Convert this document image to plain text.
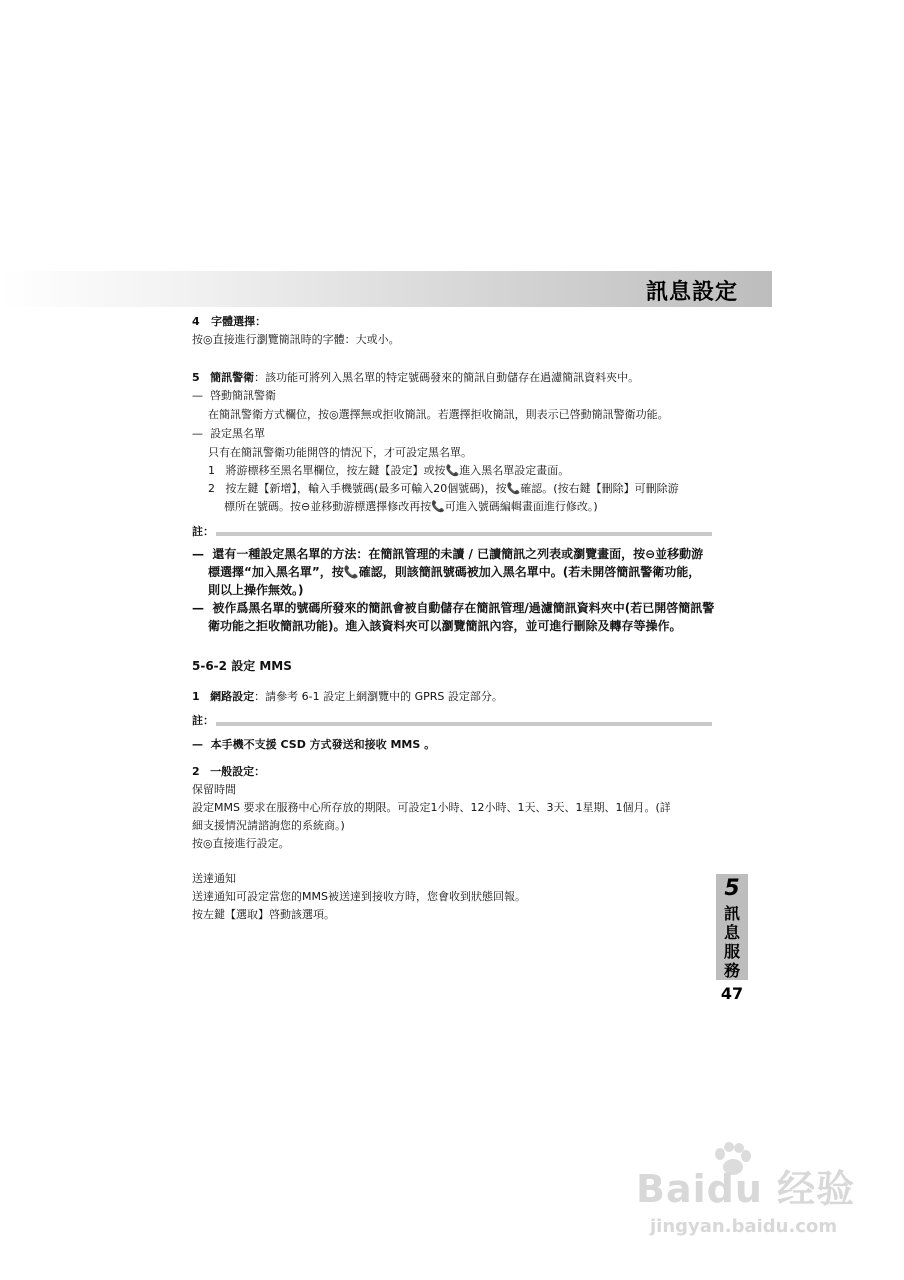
訊息設定
4 字體選擇：
按◎直接進行瀏覽簡訊時的字體：大或小。
5 簡訊警衛：該功能可將列入黑名單的特定號碼發來的簡訊自動儲存在過濾簡訊資料夾中。
— 啓動簡訊警衛
在簡訊警衛方式欄位，按◎選擇無或拒收簡訊。若選擇拒收簡訊，則表示已啓動簡訊警衛功能。
— 設定黑名單
只有在簡訊警衛功能開啓的情況下，才可設定黑名單。
1 將游標移至黑名單欄位，按左鍵【設定】或按📞進入黑名單設定畫面。
2 按左鍵【新增】，輸入手機號碼(最多可輸入20個號碼)，按📞確認。(按右鍵【刪除】可刪除游
標所在號碼。按⊖並移動游標選擇修改再按📞可進入號碼編輯畫面進行修改。)
註：
— 還有一種設定黑名單的方法：在簡訊管理的未讀 / 已讀簡訊之列表或瀏覽畫面，按⊖並移動游
標選擇“加入黑名單”，按📞確認，則該簡訊號碼被加入黑名單中。(若未開啓簡訊警衛功能，
則以上操作無效。)
— 被作爲黑名單的號碼所發來的簡訊會被自動儲存在簡訊管理/過濾簡訊資料夾中(若已開啓簡訊警
衛功能之拒收簡訊功能)。進入該資料夾可以瀏覽簡訊內容，並可進行刪除及轉存等操作。
5-6-2 設定 MMS
1 網路設定：請參考 6-1 設定上網瀏覽中的 GPRS 設定部分。
註：
— 本手機不支援 CSD 方式發送和接收 MMS 。
2 一般設定：
保留時間
設定MMS 要求在服務中心所存放的期限。可設定1小時、12小時、1天、3天、1星期、1個月。(詳
細支援情況請諮詢您的系統商。)
按◎直接進行設定。
送達通知
送達通知可設定當您的MMS被送達到接收方時，您會收到狀態回報。
按左鍵【選取】啓動該選項。
5
訊息服務
47
Baidu 经验
jingyan.baidu.com
